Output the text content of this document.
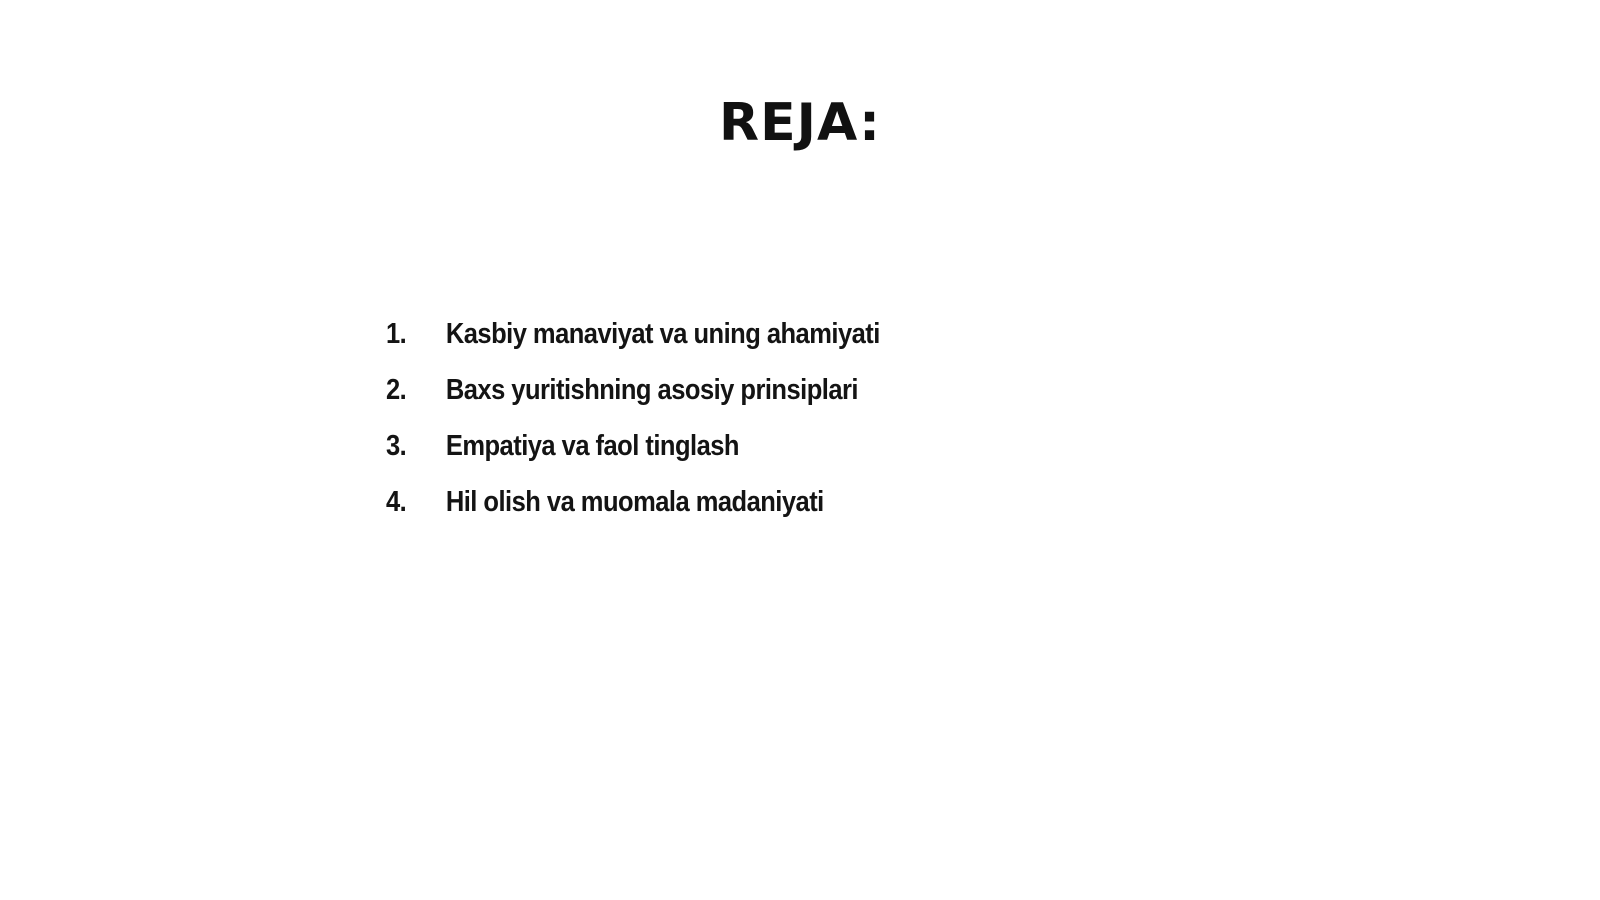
REJA:
1.	Kasbiy manaviyat va uning ahamiyati
2.	Baxs yuritishning asosiy prinsiplari
3.	Empatiya va faol tinglash
4.	Hil olish va muomala madaniyati
